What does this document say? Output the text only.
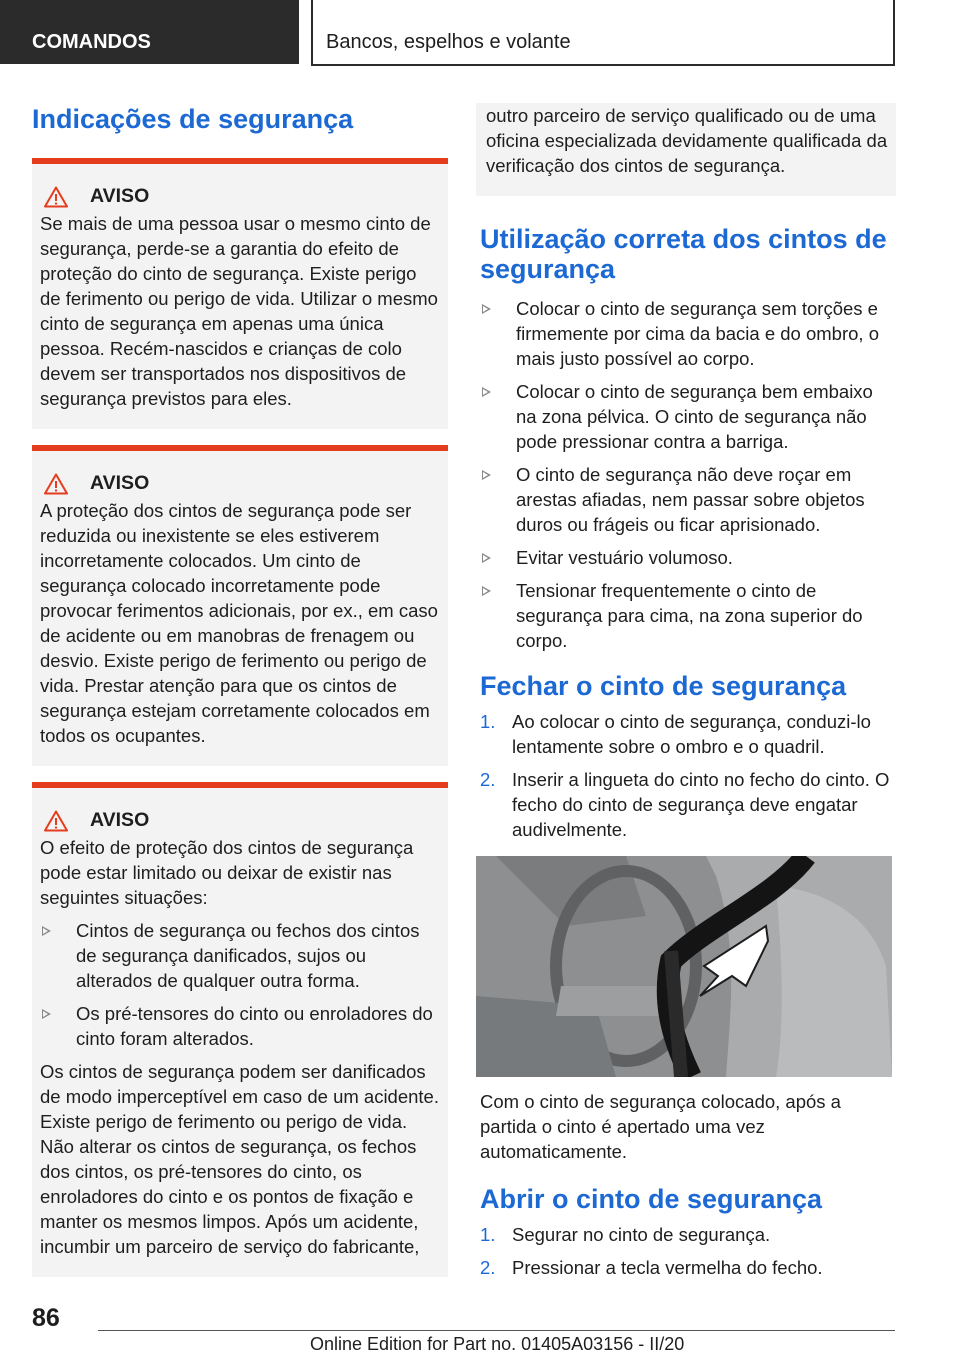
COMANDOS	Bancos, espelhos e volante
Indicações de segurança
AVISO

Se mais de uma pessoa usar o mesmo cinto de segurança, perde-se a garantia do efeito de proteção do cinto de segurança. Existe perigo de ferimento ou perigo de vida. Utilizar o mesmo cinto de segurança em apenas uma única pessoa. Recém-nascidos e crianças de colo devem ser transportados nos dispositivos de segurança previstos para eles.

AVISO

A proteção dos cintos de segurança pode ser reduzida ou inexistente se eles estiverem incorretamente colocados. Um cinto de segurança colocado incorretamente pode provocar ferimentos adicionais, por ex., em caso de acidente ou em manobras de frenagem ou desvio. Existe perigo de ferimento ou perigo de vida. Prestar atenção para que os cintos de segurança estejam corretamente colocados em todos os ocupantes.

AVISO

O efeito de proteção dos cintos de segurança pode estar limitado ou deixar de existir nas seguintes situações:

Cintos de segurança ou fechos dos cintos de segurança danificados, sujos ou alterados de qualquer outra forma.
Os pré-tensores do cinto ou enroladores do cinto foram alterados.

Os cintos de segurança podem ser danificados de modo imperceptível em caso de um acidente. Existe perigo de ferimento ou perigo de vida. Não alterar os cintos de segurança, os fechos dos cintos, os pré-tensores do cinto, os enroladores do cinto e os pontos de fixação e manter os mesmos limpos. Após um acidente, incumbir um parceiro de serviço do fabricante,

outro parceiro de serviço qualificado ou de uma oficina especializada devidamente qualificada da verificação dos cintos de segurança.

Utilização correta dos cintos de segurança
Colocar o cinto de segurança sem torções e firmemente por cima da bacia e do ombro, o mais justo possível ao corpo.
Colocar o cinto de segurança bem embaixo na zona pélvica. O cinto de segurança não pode pressionar contra a barriga.
O cinto de segurança não deve roçar em arestas afiadas, nem passar sobre objetos duros ou frágeis ou ficar aprisionado.
Evitar vestuário volumoso.
Tensionar frequentemente o cinto de segurança para cima, na zona superior do corpo.
Fechar o cinto de segurança
1. Ao colocar o cinto de segurança, conduzi-lo lentamente sobre o ombro e o quadril.
2. Inserir a lingueta do cinto no fecho do cinto. O fecho do cinto de segurança deve engatar audivelmente.

Com o cinto de segurança colocado, após a partida o cinto é apertado uma vez automaticamente.

Abrir o cinto de segurança
1. Segurar no cinto de segurança.
2. Pressionar a tecla vermelha do fecho.
86
Online Edition for Part no. 01405A03156 - II/20
